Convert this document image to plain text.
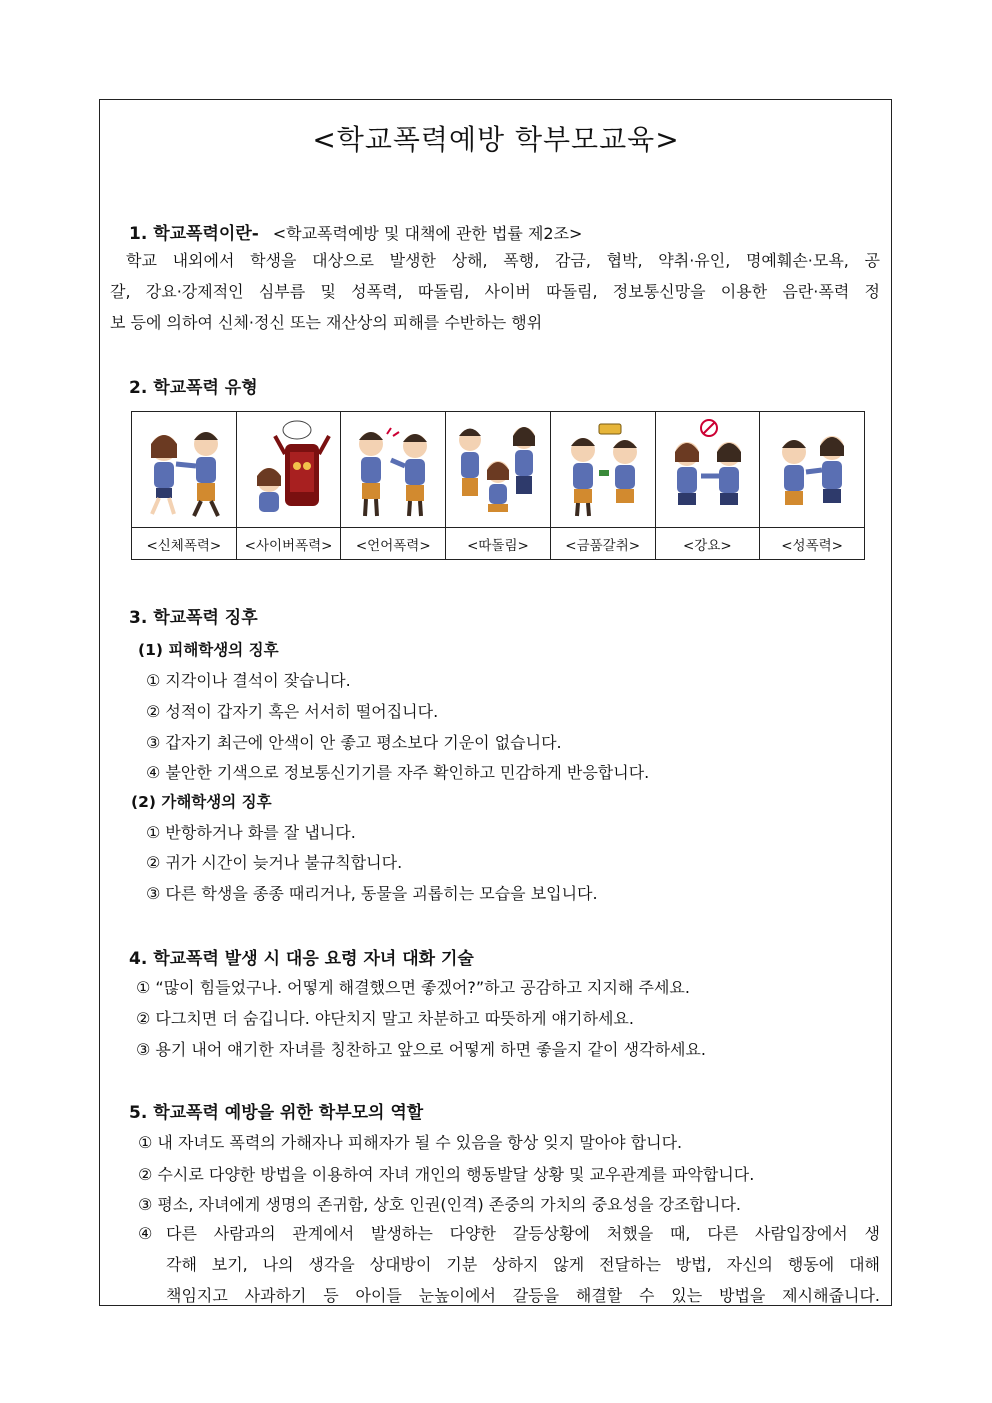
<학교폭력예방 학부모교육>
1. 학교폭력이란- <학교폭력예방 및 대책에 관한 법률 제2조>
학교 내외에서 학생을 대상으로 발생한 상해, 폭행, 감금, 협박, 약취·유인, 명예훼손·모욕, 공
갈, 강요·강제적인 심부름 및 성폭력, 따돌림, 사이버 따돌림, 정보통신망을 이용한 음란·폭력 정
보 등에 의하여 신체·정신 또는 재산상의 피해를 수반하는 행위
2. 학교폭력 유형

<신체폭력>	<사이버폭력>	<언어폭력>	<따돌림>	<금품갈취>	<강요>	<성폭력>
3. 학교폭력 징후
(1) 피해학생의 징후
① 지각이나 결석이 잦습니다.
② 성적이 갑자기 혹은 서서히 떨어집니다.
③ 갑자기 최근에 안색이 안 좋고 평소보다 기운이 없습니다.
④ 불안한 기색으로 정보통신기기를 자주 확인하고 민감하게 반응합니다.
(2) 가해학생의 징후
① 반항하거나 화를 잘 냅니다.
② 귀가 시간이 늦거나 불규칙합니다.
③ 다른 학생을 종종 때리거나, 동물을 괴롭히는 모습을 보입니다.
4. 학교폭력 발생 시 대응 요령 자녀 대화 기술
① “많이 힘들었구나. 어떻게 해결했으면 좋겠어?”하고 공감하고 지지해 주세요.
② 다그치면 더 숨깁니다. 야단치지 말고 차분하고 따뜻하게 얘기하세요.
③ 용기 내어 얘기한 자녀를 칭찬하고 앞으로 어떻게 하면 좋을지 같이 생각하세요.
5. 학교폭력 예방을 위한 학부모의 역할
① 내 자녀도 폭력의 가해자나 피해자가 될 수 있음을 항상 잊지 말아야 합니다.
② 수시로 다양한 방법을 이용하여 자녀 개인의 행동발달 상황 및 교우관계를 파악합니다.
③ 평소, 자녀에게 생명의 존귀함, 상호 인권(인격) 존중의 가치의 중요성을 강조합니다.
④ 다른 사람과의 관계에서 발생하는 다양한 갈등상황에 처했을 때, 다른 사람입장에서 생
각해 보기, 나의 생각을 상대방이 기분 상하지 않게 전달하는 방법, 자신의 행동에 대해
책임지고 사과하기 등 아이들 눈높이에서 갈등을 해결할 수 있는 방법을 제시해줍니다.
